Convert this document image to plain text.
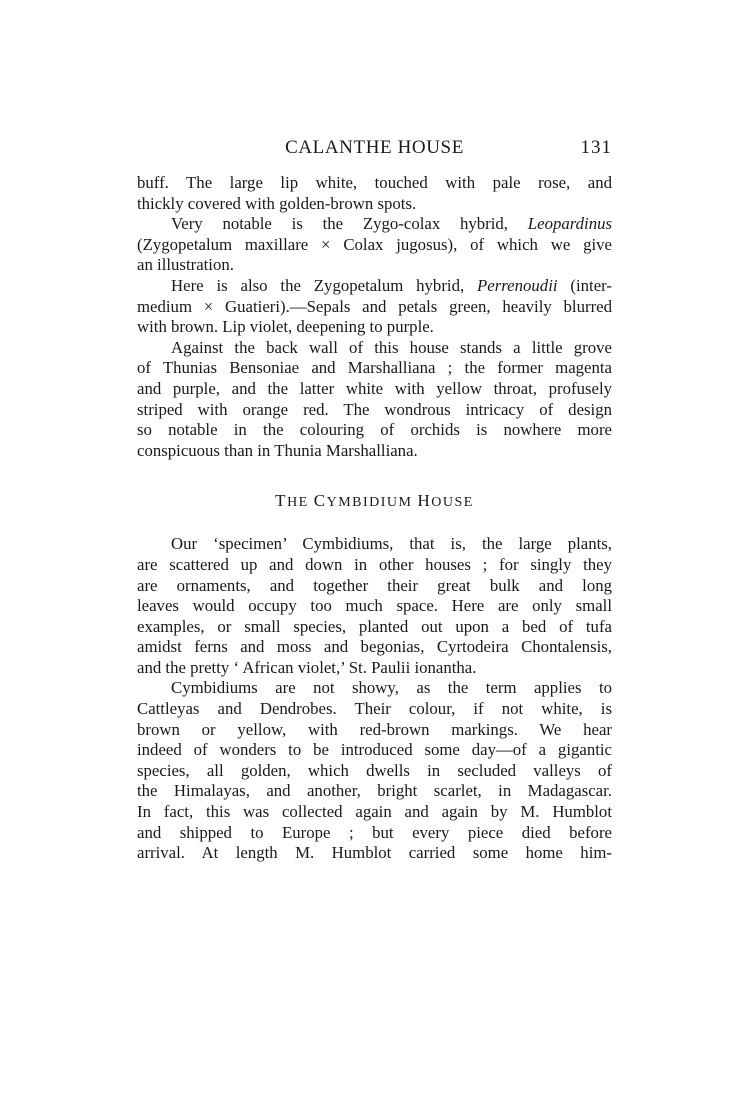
CALANTHE HOUSE	131
buff. The large lip white, touched with pale rose, and
thickly covered with golden-brown spots.
Very notable is the Zygo-colax hybrid, Leopardinus
(Zygopetalum maxillare × Colax jugosus), of which we give
an illustration.
Here is also the Zygopetalum hybrid, Perrenoudii (inter-
medium × Guatieri).—Sepals and petals green, heavily blurred
with brown. Lip violet, deepening to purple.
Against the back wall of this house stands a little grove
of Thunias Bensoniae and Marshalliana ; the former magenta
and purple, and the latter white with yellow throat, profusely
striped with orange red. The wondrous intricacy of design
so notable in the colouring of orchids is nowhere more
conspicuous than in Thunia Marshalliana.
THE CYMBIDIUM HOUSE
Our ‘specimen’ Cymbidiums, that is, the large plants,
are scattered up and down in other houses ; for singly they
are ornaments, and together their great bulk and long
leaves would occupy too much space. Here are only small
examples, or small species, planted out upon a bed of tufa
amidst ferns and moss and begonias, Cyrtodeira Chontalensis,
and the pretty ‘ African violet,’ St. Paulii ionantha.
Cymbidiums are not showy, as the term applies to
Cattleyas and Dendrobes. Their colour, if not white, is
brown or yellow, with red-brown markings. We hear
indeed of wonders to be introduced some day—of a gigantic
species, all golden, which dwells in secluded valleys of
the Himalayas, and another, bright scarlet, in Madagascar.
In fact, this was collected again and again by M. Humblot
and shipped to Europe ; but every piece died before
arrival. At length M. Humblot carried some home him-
